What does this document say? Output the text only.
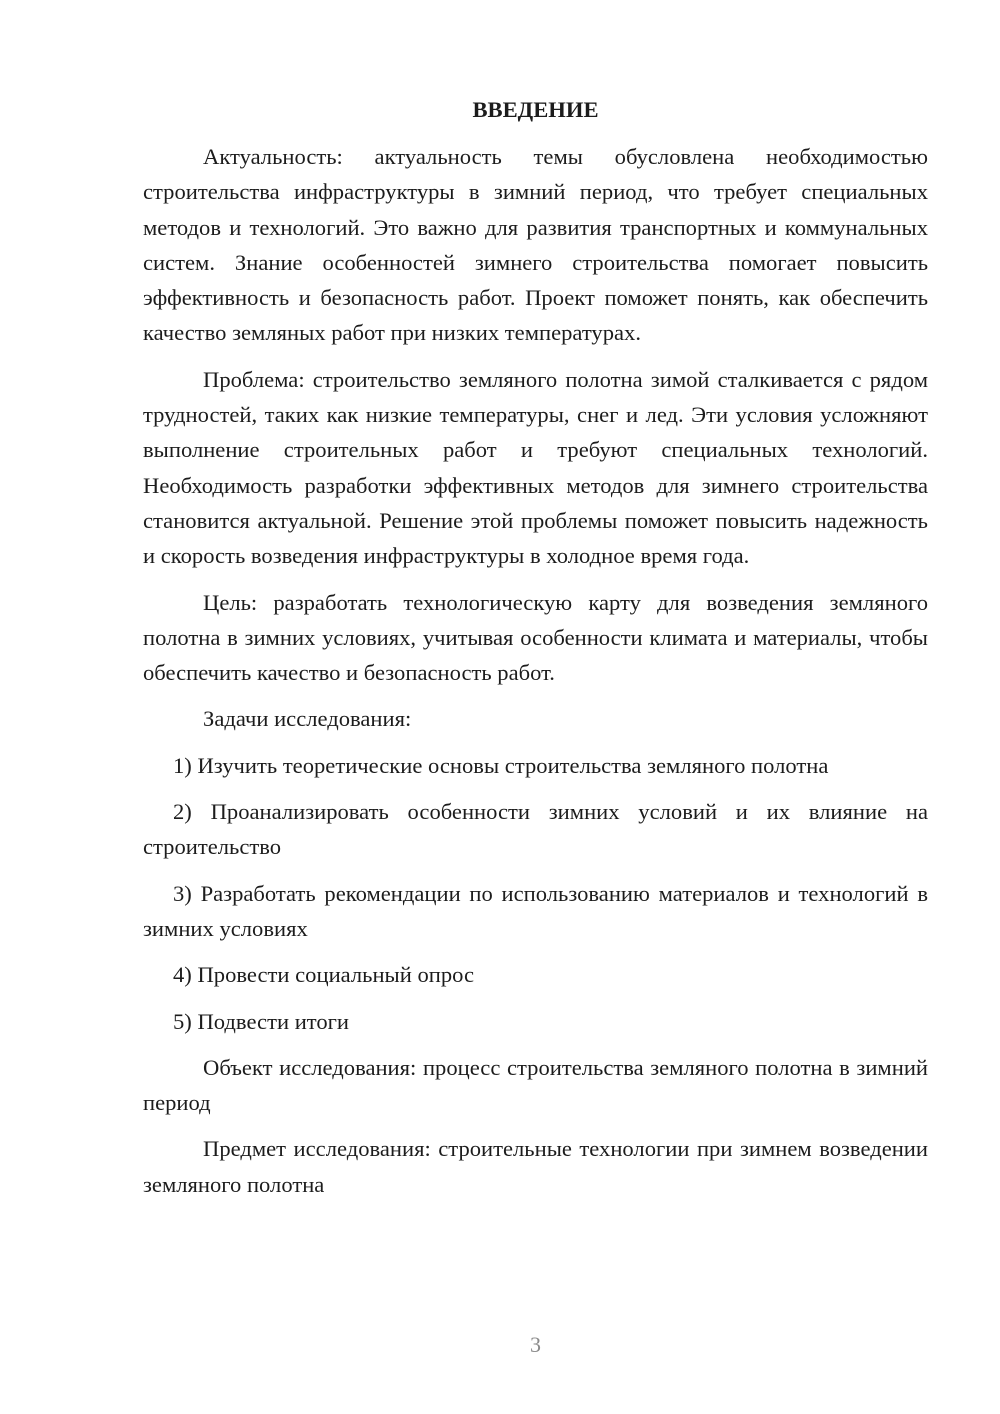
ВВЕДЕНИЕ

Актуальность: актуальность темы обусловлена необходимостью строительства инфраструктуры в зимний период, что требует специальных методов и технологий. Это важно для развития транспортных и коммунальных систем. Знание особенностей зимнего строительства помогает повысить эффективность и безопасность работ. Проект поможет понять, как обеспечить качество земляных работ при низких температурах.

Проблема: строительство земляного полотна зимой сталкивается с рядом трудностей, таких как низкие температуры, снег и лед. Эти условия усложняют выполнение строительных работ и требуют специальных технологий. Необходимость разработки эффективных методов для зимнего строительства становится актуальной. Решение этой проблемы поможет повысить надежность и скорость возведения инфраструктуры в холодное время года.

Цель: разработать технологическую карту для возведения земляного полотна в зимних условиях, учитывая особенности климата и материалы, чтобы обеспечить качество и безопасность работ.

Задачи исследования:

1) Изучить теоретические основы строительства земляного полотна

2) Проанализировать особенности зимних условий и их влияние на строительство

3) Разработать рекомендации по использованию материалов и технологий в зимних условиях

4) Провести социальный опрос

5) Подвести итоги

Объект исследования: процесс строительства земляного полотна в зимний период

Предмет исследования: строительные технологии при зимнем возведении земляного полотна

3
